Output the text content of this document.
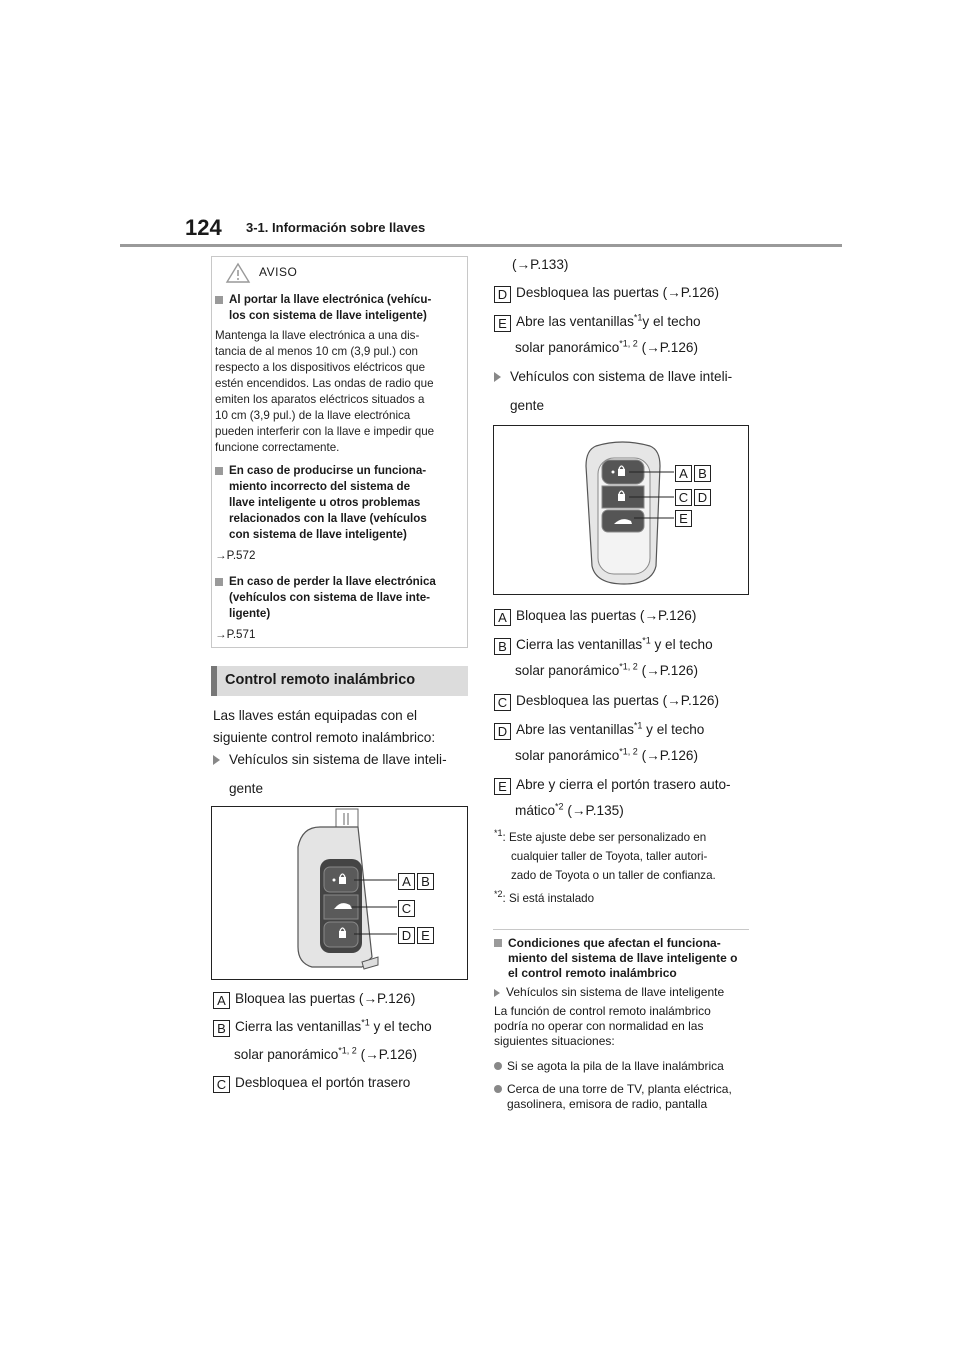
124 3-1. Información sobre llaves
AVISO
Al portar la llave electrónica (vehícu-
los con sistema de llave inteligente)
Mantenga la llave electrónica a una dis-
tancia de al menos 10 cm (3,9 pul.) con
respecto a los dispositivos eléctricos que
estén encendidos. Las ondas de radio que
emiten los aparatos eléctricos situados a
10 cm (3,9 pul.) de la llave electrónica
pueden interferir con la llave e impedir que
funcione correctamente.
En caso de producirse un funciona-
miento incorrecto del sistema de
llave inteligente u otros problemas
relacionados con la llave (vehículos
con sistema de llave inteligente)
→P.572
En caso de perder la llave electrónica
(vehículos con sistema de llave inte-
ligente)
→P.571
Control remoto inalámbrico
Las llaves están equipadas con el
siguiente control remoto inalámbrico:
Vehículos sin sistema de llave inteli-
gente
A B
C
D E
A Bloquea las puertas (→P.126)
B Cierra las ventanillas$^{*1}$ y el techo
solar panorámico$^{*1, 2}$ (→P.126)
C Desbloquea el portón trasero
(→P.133)
D Desbloquea las puertas (→P.126)
E Abre las ventanillas$^{*1}$y el techo
solar panorámico$^{*1, 2}$ (→P.126)
Vehículos con sistema de llave inteli-
gente
A B
C D
E
A Bloquea las puertas (→P.126)
B Cierra las ventanillas$^{*1}$ y el techo
solar panorámico$^{*1, 2}$ (→P.126)
C Desbloquea las puertas (→P.126)
D Abre las ventanillas$^{*1}$ y el techo
solar panorámico$^{*1, 2}$ (→P.126)
E Abre y cierra el portón trasero auto-
mático$^{*2}$ (→P.135)
$^{*1}$: Este ajuste debe ser personalizado en
cualquier taller de Toyota, taller autori-
zado de Toyota o un taller de confianza.
$^{*2}$: Si está instalado
Condiciones que afectan el funciona-
miento del sistema de llave inteligente o
el control remoto inalámbrico
Vehículos sin sistema de llave inteligente
La función de control remoto inalámbrico
podría no operar con normalidad en las
siguientes situaciones:
Si se agota la pila de la llave inalámbrica
Cerca de una torre de TV, planta eléctrica,
gasolinera, emisora de radio, pantalla
